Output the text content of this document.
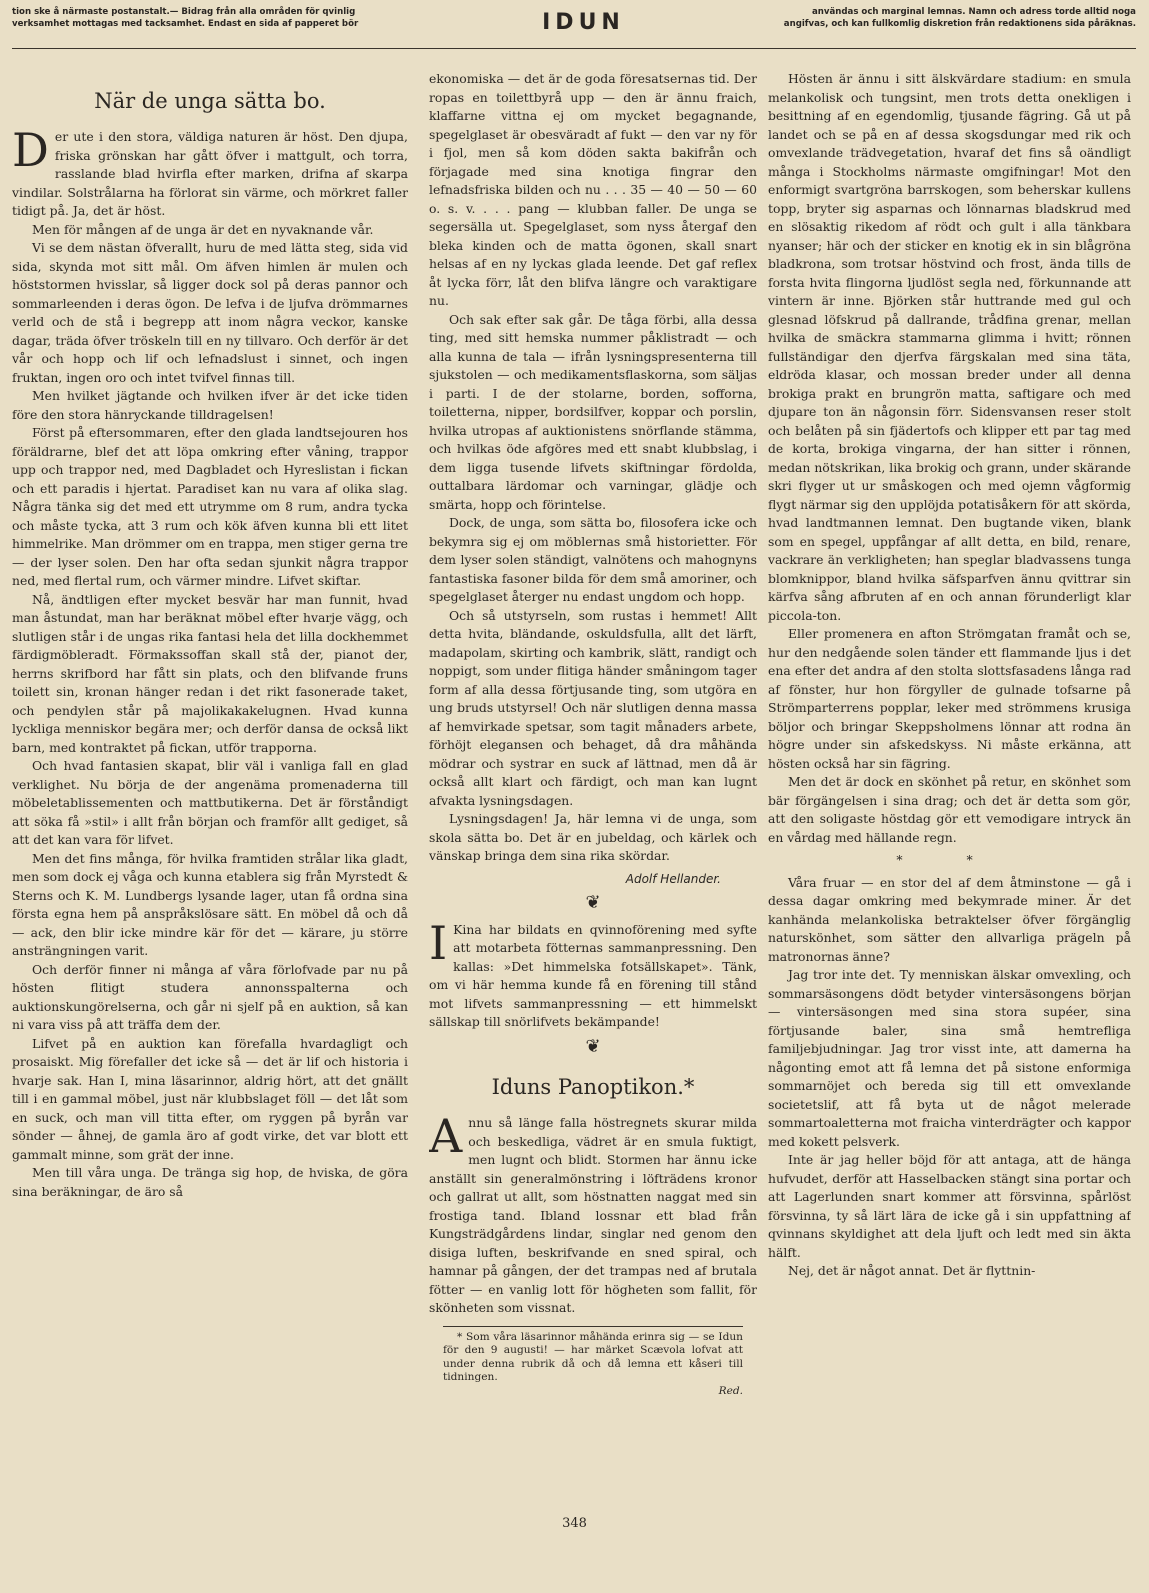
tion ske å närmaste postanstalt.— Bidrag från alla områden för qvinlig
verksamhet mottagas med tacksamhet. Endast en sida af papperet bör	IDUN	användas och marginal lemnas. Namn och adress torde alltid noga
angifvas, och kan fullkomlig diskretion från redaktionens sida påräknas.
När de unga sätta bo.

Der ute i den stora, väldiga naturen är höst. Den djupa, friska grönskan har gått öfver i mattgult, och torra, rasslande blad hvirfla efter marken, drifna af skarpa vindilar. Solstrålarna ha förlorat sin värme, och mörkret faller tidigt på. Ja, det är höst.

Men för mången af de unga är det en nyvaknande vår.

Vi se dem nästan öfverallt, huru de med lätta steg, sida vid sida, skynda mot sitt mål. Om äfven himlen är mulen och höststormen hvisslar, så ligger dock sol på deras pannor och sommarleenden i deras ögon. De lefva i de ljufva drömmarnes verld och de stå i begrepp att inom några veckor, kanske dagar, träda öfver tröskeln till en ny tillvaro. Och derför är det vår och hopp och lif och lefnadslust i sinnet, och ingen fruktan, ingen oro och intet tvifvel finnas till.

Men hvilket jägtande och hvilken ifver är det icke tiden före den stora hänryckande tilldragelsen!

Först på eftersommaren, efter den glada landtsejouren hos föräldrarne, blef det att löpa omkring efter våning, trappor upp och trappor ned, med Dagbladet och Hyreslistan i fickan och ett paradis i hjertat. Paradiset kan nu vara af olika slag. Några tänka sig det med ett utrymme om 8 rum, andra tycka och måste tycka, att 3 rum och kök äfven kunna bli ett litet himmelrike. Man drömmer om en trappa, men stiger gerna tre — der lyser solen. Den har ofta sedan sjunkit några trappor ned, med flertal rum, och värmer mindre. Lifvet skiftar.

Nå, ändtligen efter mycket besvär har man funnit, hvad man åstundat, man har beräknat möbel efter hvarje vägg, och slutligen står i de ungas rika fantasi hela det lilla dockhemmet färdigmöbleradt. Förmakssoffan skall stå der, pianot der, herrns skrifbord har fått sin plats, och den blifvande fruns toilett sin, kronan hänger redan i det rikt fasonerade taket, och pendylen står på majolikakakelugnen. Hvad kunna lyckliga menniskor begära mer; och derför dansa de också likt barn, med kontraktet på fickan, utför trapporna.

Och hvad fantasien skapat, blir väl i vanliga fall en glad verklighet. Nu börja de der angenäma promenaderna till möbeletablissementen och mattbutikerna. Det är förståndigt att söka få »stil» i allt från början och framför allt gediget, så att det kan vara för lifvet.

Men det fins många, för hvilka framtiden strålar lika gladt, men som dock ej våga och kunna etablera sig från Myrstedt & Sterns och K. M. Lundbergs lysande lager, utan få ordna sina första egna hem på anspråkslösare sätt. En möbel då och då — ack, den blir icke mindre kär för det — kärare, ju större ansträngningen varit.

Och derför finner ni många af våra förlofvade par nu på hösten flitigt studera annonsspalterna och auktionskungörelserna, och går ni sjelf på en auktion, så kan ni vara viss på att träffa dem der.

Lifvet på en auktion kan förefalla hvardagligt och prosaiskt. Mig förefaller det icke så — det är lif och historia i hvarje sak. Han I, mina läsarinnor, aldrig hört, att det gnällt till i en gammal möbel, just när klubbslaget föll — det låt som en suck, och man vill titta efter, om ryggen på byrån var sönder — åhnej, de gamla äro af godt virke, det var blott ett gammalt minne, som grät der inne.

Men till våra unga. De tränga sig hop, de hviska, de göra sina beräkningar, de äro så

ekonomiska — det är de goda föresatsernas tid. Der ropas en toilettbyrå upp — den är ännu fraich, klaffarne vittna ej om mycket begagnande, spegelglaset är obesväradt af fukt — den var ny för i fjol, men så kom döden sakta bakifrån och förjagade med sina knotiga fingrar den lefnadsfriska bilden och nu . . . 35 — 40 — 50 — 60 o. s. v. . . . pang — klubban faller. De unga se segersälla ut. Spegelglaset, som nyss återgaf den bleka kinden och de matta ögonen, skall snart helsas af en ny lyckas glada leende. Det gaf reflex åt lycka förr, låt den blifva längre och varaktigare nu.

Och sak efter sak går. De tåga förbi, alla dessa ting, med sitt hemska nummer påklistradt — och alla kunna de tala — ifrån lysningspresenterna till sjukstolen — och medikamentsflaskorna, som säljas i parti. I de der stolarne, borden, sofforna, toiletterna, nipper, bordsilfver, koppar och porslin, hvilka utropas af auktionistens snörflande stämma, och hvilkas öde afgöres med ett snabt klubbslag, i dem ligga tusende lifvets skiftningar fördolda, outtalbara lärdomar och varningar, glädje och smärta, hopp och förintelse.

Dock, de unga, som sätta bo, filosofera icke och bekymra sig ej om möblernas små historietter. För dem lyser solen ständigt, valnötens och mahognyns fantastiska fasoner bilda för dem små amoriner, och spegelglaset återger nu endast ungdom och hopp.

Och så utstyrseln, som rustas i hemmet! Allt detta hvita, bländande, oskuldsfulla, allt det lärft, madapolam, skirting och kambrik, slätt, randigt och noppigt, som under flitiga händer småningom tager form af alla dessa förtjusande ting, som utgöra en ung bruds utstyrsel! Och när slutligen denna massa af hemvirkade spetsar, som tagit månaders arbete, förhöjt elegansen och behaget, då dra måhända mödrar och systrar en suck af lättnad, men då är också allt klart och färdigt, och man kan lugnt afvakta lysningsdagen.

Lysningsdagen! Ja, här lemna vi de unga, som skola sätta bo. Det är en jubeldag, och kärlek och vänskap bringa dem sina rika skördar.

Adolf Hellander.
❦

I Kina har bildats en qvinnoförening med syfte att motarbeta fötternas sammanpressning. Den kallas: »Det himmelska fotsällskapet». Tänk, om vi här hemma kunde få en förening till stånd mot lifvets sammanpressning — ett himmelskt sällskap till snörlifvets bekämpande!

❦
Iduns Panoptikon.*

Annu så länge falla höstregnets skurar milda och beskedliga, vädret är en smula fuktigt, men lugnt och blidt. Stormen har ännu icke anställt sin generalmönstring i löfträdens kronor och gallrat ut allt, som höstnatten naggat med sin frostiga tand. Ibland lossnar ett blad från Kungsträdgårdens lindar, singlar ned genom den disiga luften, beskrifvande en sned spiral, och hamnar på gången, der det trampas ned af brutala fötter — en vanlig lott för högheten som fallit, för skönheten som vissnat.

* Som våra läsarinnor måhända erinra sig — se Idun för den 9 augusti! — har märket Scævola lofvat att under denna rubrik då och då lemna ett kåseri till tidningen.

Red.

Hösten är ännu i sitt älskvärdare stadium: en smula melankolisk och tungsint, men trots detta onekligen i besittning af en egendomlig, tjusande fägring. Gå ut på landet och se på en af dessa skogsdungar med rik och omvexlande trädvegetation, hvaraf det fins så oändligt många i Stockholms närmaste omgifningar! Mot den enformigt svartgröna barrskogen, som beherskar kullens topp, bryter sig asparnas och lönnarnas bladskrud med en slösaktig rikedom af rödt och gult i alla tänkbara nyanser; här och der sticker en knotig ek in sin blågröna bladkrona, som trotsar höstvind och frost, ända tills de forsta hvita flingorna ljudlöst segla ned, förkunnande att vintern är inne. Björken står huttrande med gul och glesnad löfskrud på dallrande, trådfina grenar, mellan hvilka de smäckra stammarna glimma i hvitt; rönnen fullständigar den djerfva färgskalan med sina täta, eldröda klasar, och mossan breder under all denna brokiga prakt en brungrön matta, saftigare och med djupare ton än någonsin förr. Sidensvansen reser stolt och belåten på sin fjädertofs och klipper ett par tag med de korta, brokiga vingarna, der han sitter i rönnen, medan nötskrikan, lika brokig och grann, under skärande skri flyger ut ur småskogen och med ojemn vågformig flygt närmar sig den upplöjda potatisåkern för att skörda, hvad landtmannen lemnat. Den bugtande viken, blank som en spegel, uppfångar af allt detta, en bild, renare, vackrare än verkligheten; han speglar bladvassens tunga blomknippor, bland hvilka säfsparfven ännu qvittrar sin kärfva sång afbruten af en och annan förunderligt klar piccola-ton.

Eller promenera en afton Strömgatan framåt och se, hur den nedgående solen tänder ett flammande ljus i det ena efter det andra af den stolta slottsfasadens långa rad af fönster, hur hon förgyller de gulnade tofsarne på Strömparterrens popplar, leker med strömmens krusiga böljor och bringar Skeppsholmens lönnar att rodna än högre under sin afskedskyss. Ni måste erkänna, att hösten också har sin fägring.

Men det är dock en skönhet på retur, en skönhet som bär förgängelsen i sina drag; och det är detta som gör, att den soligaste höstdag gör ett vemodigare intryck än en vårdag med hällande regn.

* *

Våra fruar — en stor del af dem åtminstone — gå i dessa dagar omkring med bekymrade miner. Är det kanhända melankoliska betraktelser öfver förgänglig naturskönhet, som sätter den allvarliga prägeln på matronornas änne?

Jag tror inte det. Ty menniskan älskar omvexling, och sommarsäsongens dödt betyder vintersäsongens början — vintersäsongen med sina stora supéer, sina förtjusande baler, sina små hemtrefliga familjebjudningar. Jag tror visst inte, att damerna ha någonting emot att få lemna det på sistone enformiga sommarnöjet och bereda sig till ett omvexlande societetslif, att få byta ut de något melerade sommartoaletterna mot fraicha vinterdrägter och kappor med kokett pelsverk.

Inte är jag heller böjd för att antaga, att de hänga hufvudet, derför att Hasselbacken stängt sina portar och att Lagerlunden snart kommer att försvinna, spårlöst försvinna, ty så lärt lära de icke gå i sin uppfattning af qvinnans skyldighet att dela ljuft och ledt med sin äkta hälft.

Nej, det är något annat. Det är flyttnin-

348
